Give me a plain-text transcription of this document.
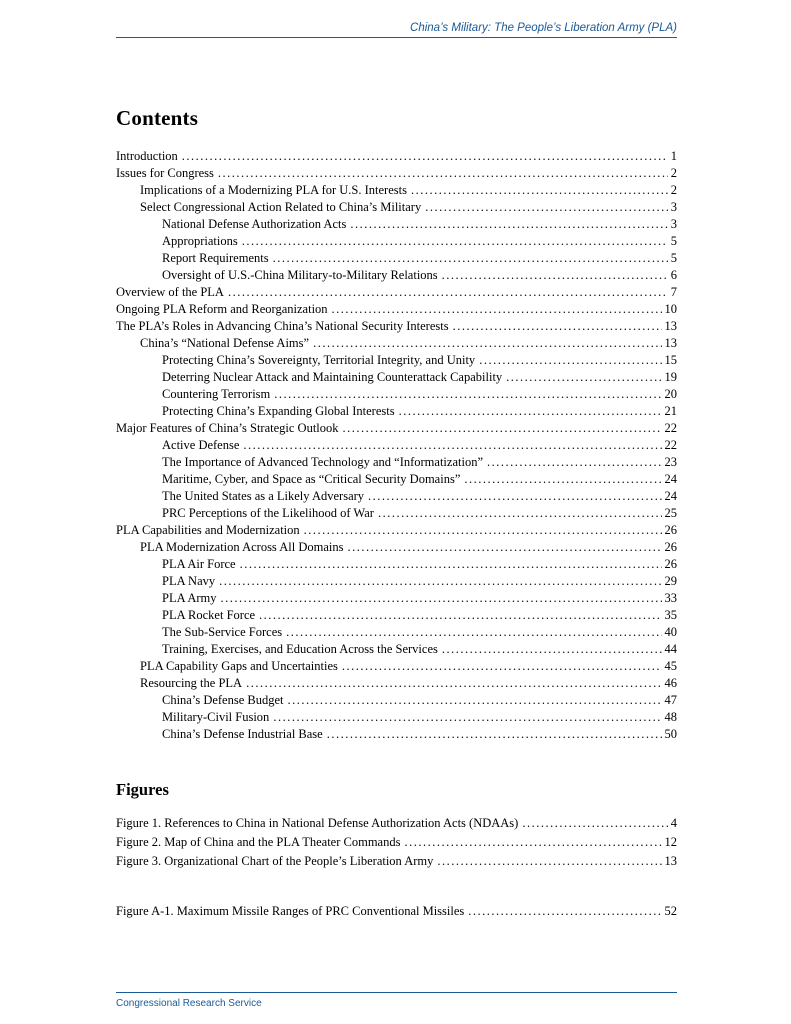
China’s Military: The People’s Liberation Army (PLA)
Contents
Introduction .....	1
Issues for Congress .....	2
Implications of a Modernizing PLA for U.S. Interests .....	2
Select Congressional Action Related to China’s Military .....	3
National Defense Authorization Acts .....	3
Appropriations .....	5
Report Requirements .....	5
Oversight of U.S.-China Military-to-Military Relations .....	6
Overview of the PLA .....	7
Ongoing PLA Reform and Reorganization .....	10
The PLA’s Roles in Advancing China’s National Security Interests .....	13
China’s “National Defense Aims” .....	13
Protecting China’s Sovereignty, Territorial Integrity, and Unity .....	15
Deterring Nuclear Attack and Maintaining Counterattack Capability .....	19
Countering Terrorism .....	20
Protecting China’s Expanding Global Interests .....	21
Major Features of China’s Strategic Outlook .....	22
Active Defense .....	22
The Importance of Advanced Technology and “Informatization” .....	23
Maritime, Cyber, and Space as “Critical Security Domains” .....	24
The United States as a Likely Adversary .....	24
PRC Perceptions of the Likelihood of War .....	25
PLA Capabilities and Modernization .....	26
PLA Modernization Across All Domains .....	26
PLA Air Force .....	26
PLA Navy .....	29
PLA Army .....	33
PLA Rocket Force .....	35
The Sub-Service Forces .....	40
Training, Exercises, and Education Across the Services .....	44
PLA Capability Gaps and Uncertainties .....	45
Resourcing the PLA .....	46
China’s Defense Budget .....	47
Military-Civil Fusion .....	48
China’s Defense Industrial Base .....	50
Figures
Figure 1. References to China in National Defense Authorization Acts (NDAAs) .....	4
Figure 2. Map of China and the PLA Theater Commands .....	12
Figure 3. Organizational Chart of the People’s Liberation Army .....	13
Figure A-1. Maximum Missile Ranges of PRC Conventional Missiles .....	52
Congressional Research Service
